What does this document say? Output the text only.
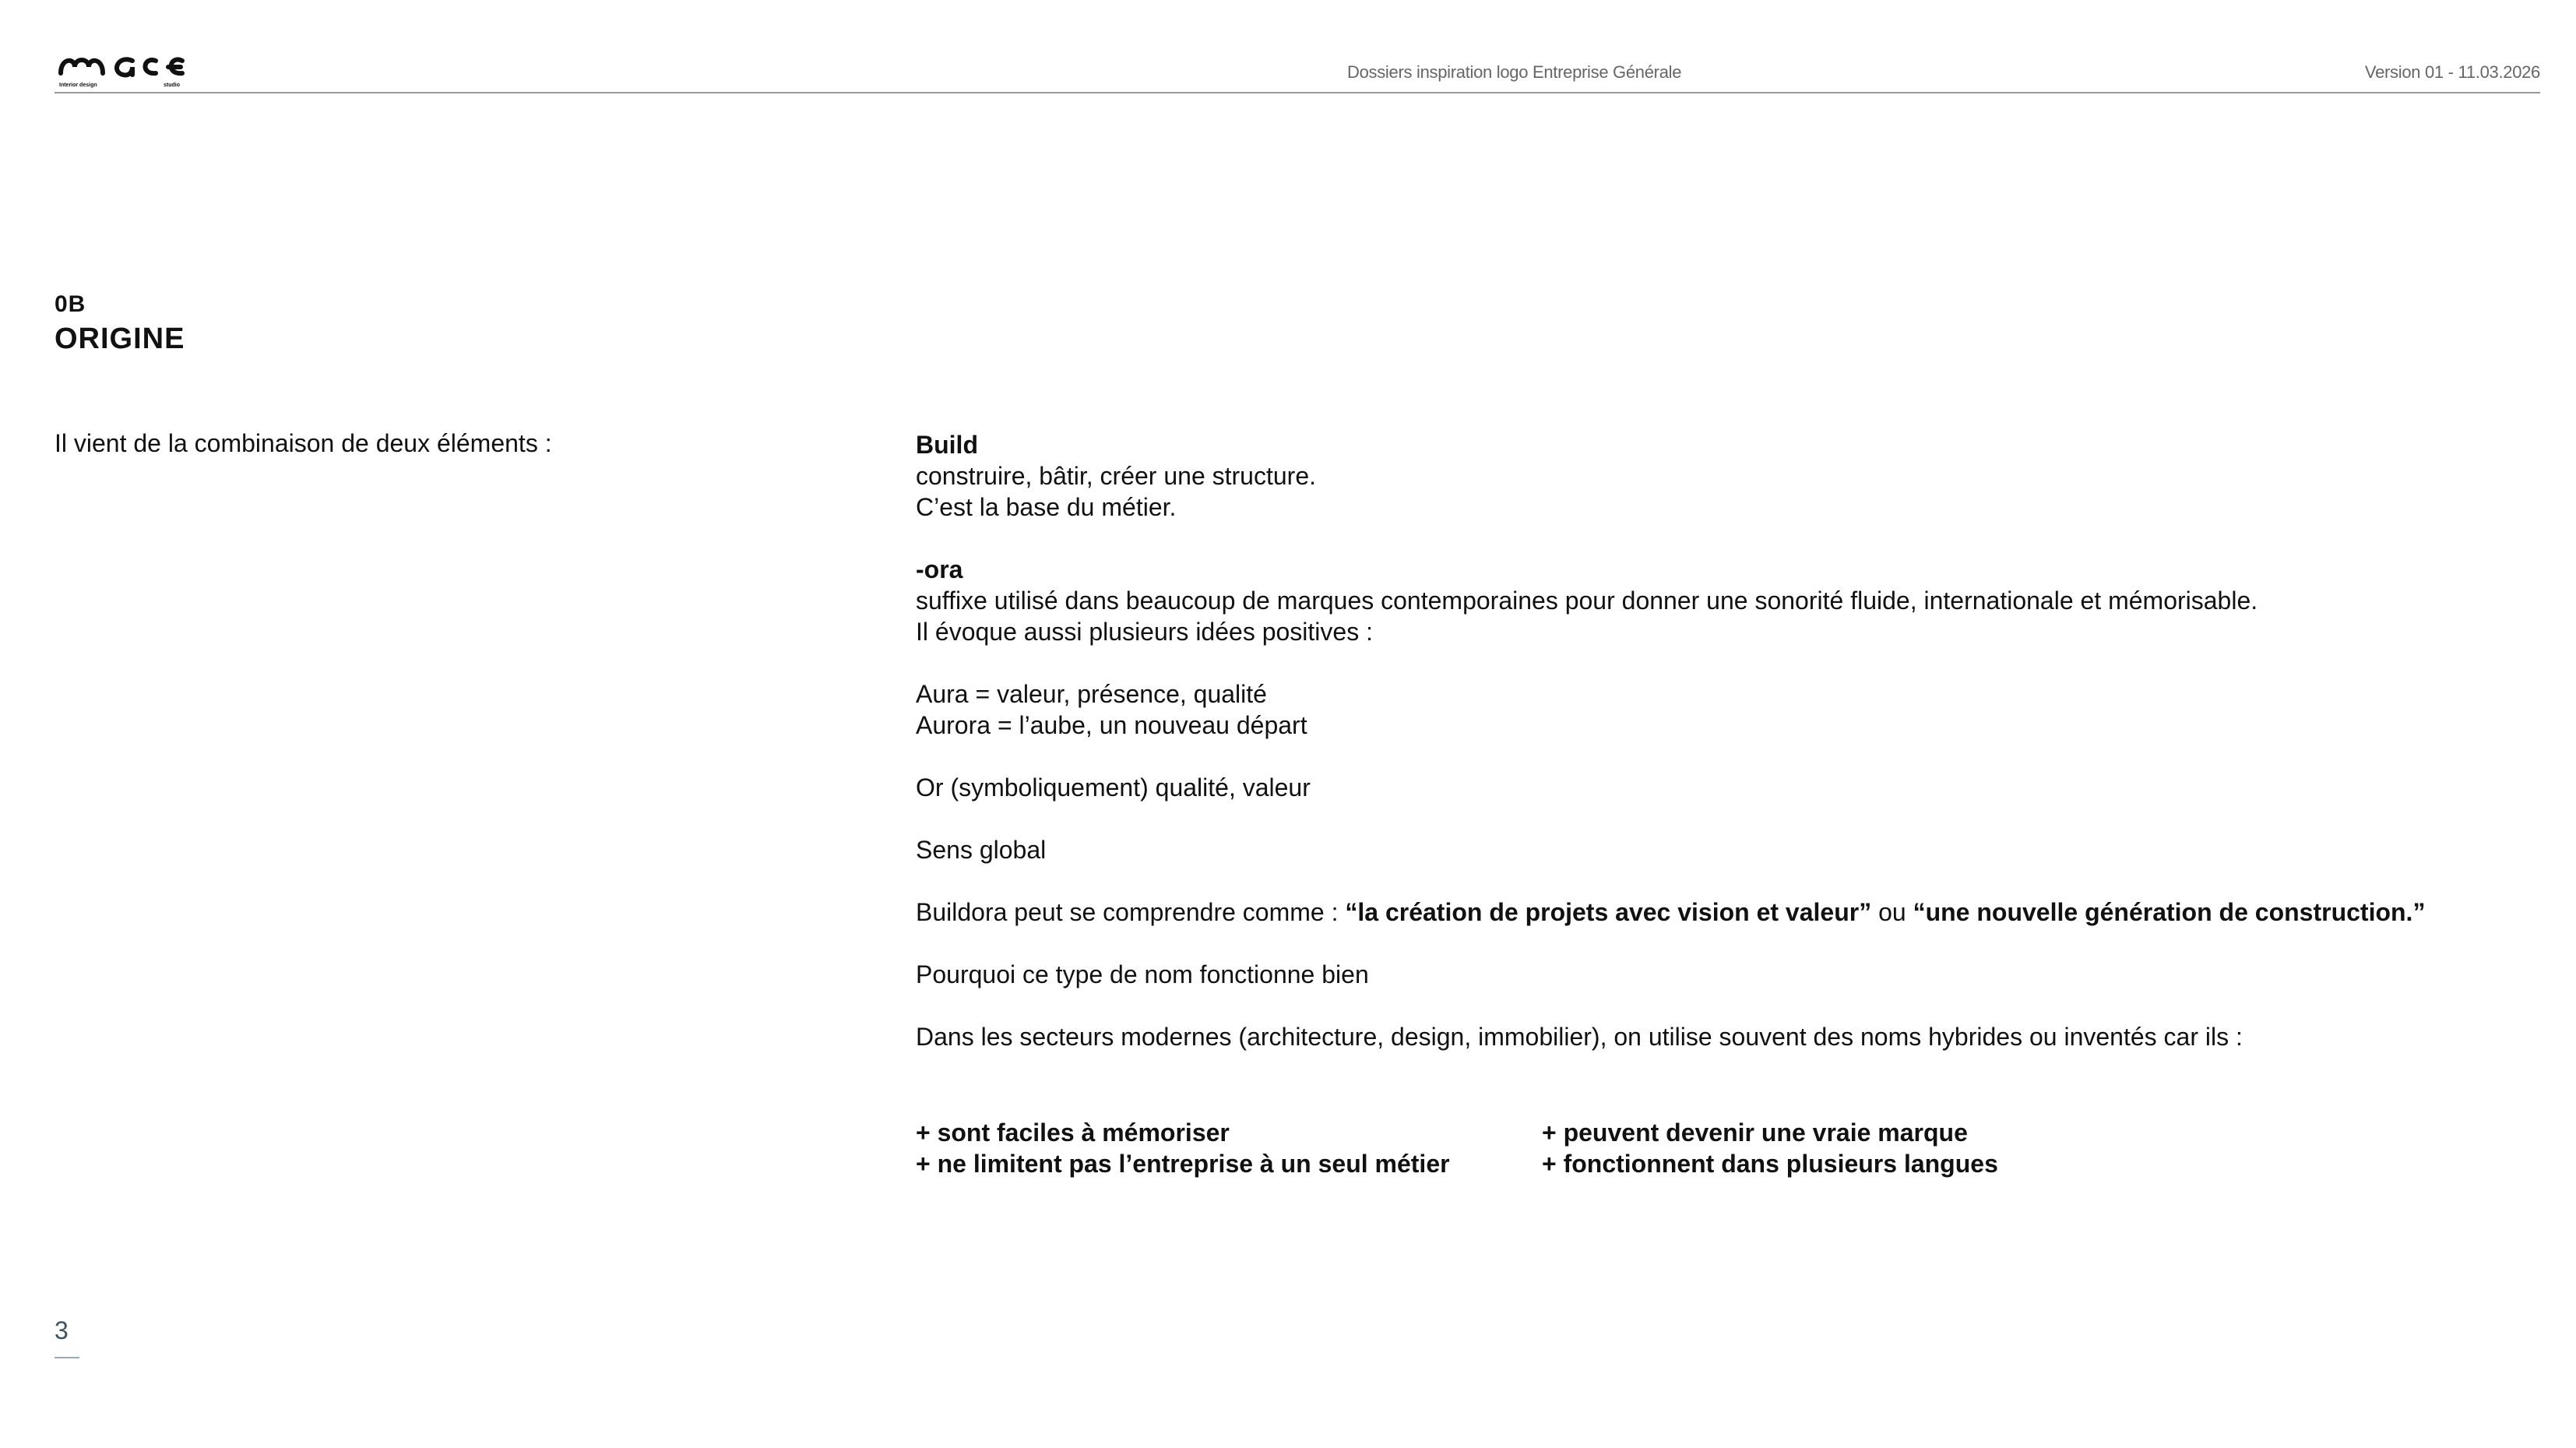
Interior design	studio
Dossiers inspiration logo Entreprise Générale	Version 01 - 11.03.2026
0B
ORIGINE
Il vient de la combinaison de deux éléments :	Build

construire, bâtir, créer une structure.

C’est la base du métier.

-ora

suffixe utilisé dans beaucoup de marques contemporaines pour donner une sonorité fluide, internationale et mémorisable.

Il évoque aussi plusieurs idées positives :

Aura = valeur, présence, qualité

Aurora = l’aube, un nouveau départ

Or (symboliquement) qualité, valeur

Sens global

Buildora peut se comprendre comme : “la création de projets avec vision et valeur” ou “une nouvelle génération de construction.”

Pourquoi ce type de nom fonctionne bien

Dans les secteurs modernes (architecture, design, immobilier), on utilise souvent des noms hybrides ou inventés car ils :

+ sont faciles à mémoriser
+ ne limitent pas l’entreprise à un seul métier
+ peuvent devenir une vraie marque
+ fonctionnent dans plusieurs langues
3
